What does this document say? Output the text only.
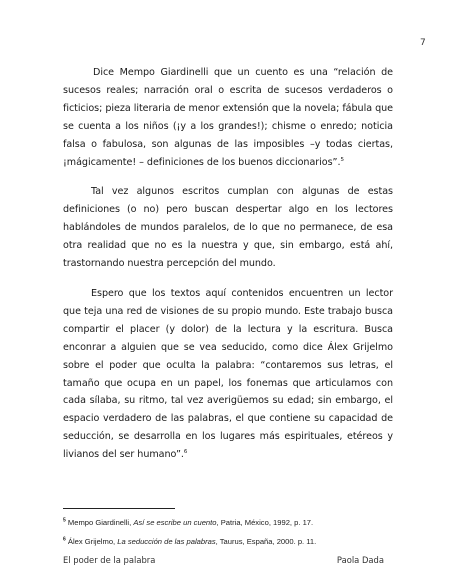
7

Dice Mempo Giardinelli que un cuento es una “relación de sucesos reales; narración oral o escrita de sucesos verdaderos o ficticios; pieza literaria de menor extensión que la novela; fábula que se cuenta a los niños (¡y a los grandes!); chisme o enredo; noticia falsa o fabulosa, son algunas de las imposibles –y todas ciertas, ¡mágicamente! – definiciones de los buenos diccionarios”.$^5$

Tal vez algunos escritos cumplan con algunas de estas definiciones (o no) pero buscan despertar algo en los lectores hablándoles de mundos paralelos, de lo que no permanece, de esa otra realidad que no es la nuestra y que, sin embargo, está ahí, trastornando nuestra percepción del mundo.

Espero que los textos aquí contenidos encuentren un lector que teja una red de visiones de su propio mundo. Este trabajo busca compartir el placer (y dolor) de la lectura y la escritura. Busca enconrar a alguien que se vea seducido, como dice Álex Grijelmo sobre el poder que oculta la palabra: “contaremos sus letras, el tamaño que ocupa en un papel, los fonemas que articulamos con cada sílaba, su ritmo, tal vez averigüemos su edad; sin embargo, el espacio verdadero de las palabras, el que contiene su capacidad de seducción, se desarrolla en los lugares más espirituales, etéreos y livianos del ser humano”.$^6$

$^5$ Mempo Giardinelli, Así se escribe un cuento, Patria, México, 1992, p. 17.
$^6$ Álex Grijelmo, La seducción de las palabras, Taurus, España, 2000. p. 11.
El poder de la palabra	Paola Dada
